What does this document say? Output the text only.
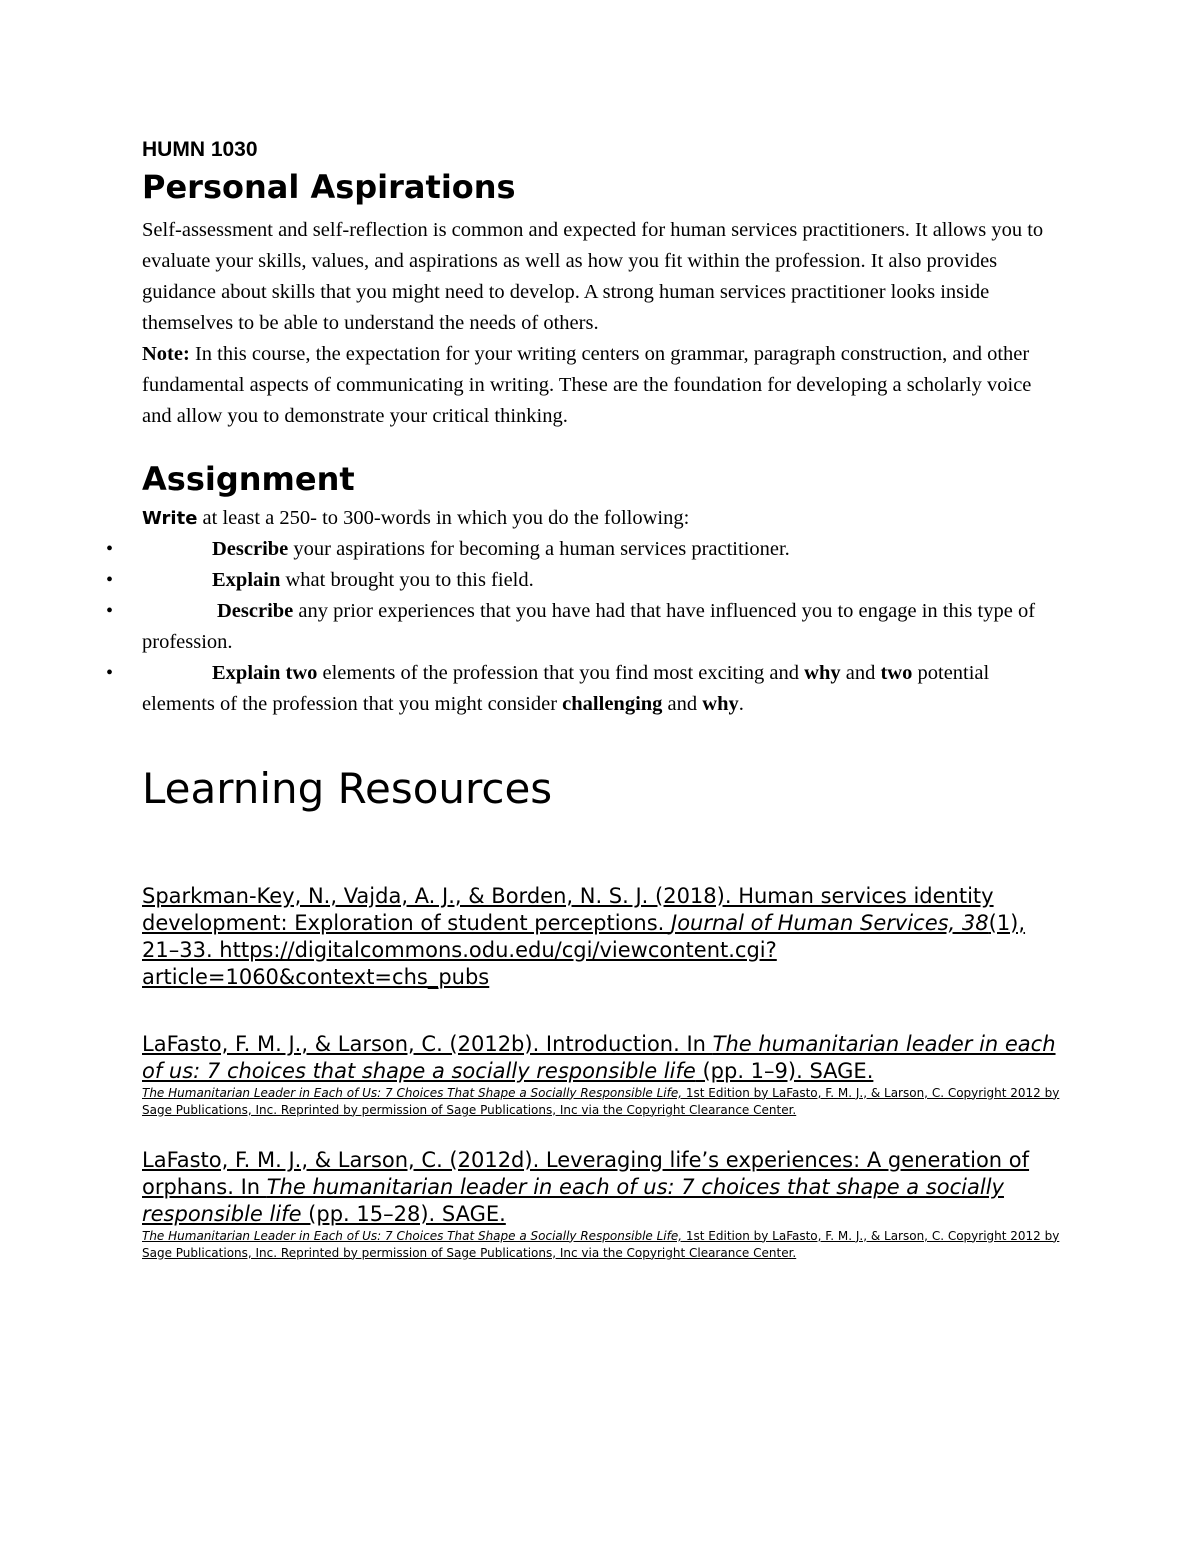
HUMN 1030
Personal Aspirations

Self-assessment and self-reflection is common and expected for human services practitioners. It allows you to evaluate your skills, values, and aspirations as well as how you fit within the profession. It also provides guidance about skills that you might need to develop. A strong human services practitioner looks inside themselves to be able to understand the needs of others.
Note: In this course, the expectation for your writing centers on grammar, paragraph construction, and other fundamental aspects of communicating in writing. These are the foundation for developing a scholarly voice and allow you to demonstrate your critical thinking.

Assignment

Write at least a 250- to 300-words in which you do the following:

•	Describe your aspirations for becoming a human services practitioner.
•	Explain what brought you to this field.
•	Describe any prior experiences that you have had that have influenced you to engage in this type of profession.
•	Explain two elements of the profession that you find most exciting and why and two potential elements of the profession that you might consider challenging and why.
Learning Resources

Sparkman-Key, N., Vajda, A. J., & Borden, N. S. J. (2018). Human services identity development: Exploration of student perceptions. Journal of Human Services, 38(1), 21–33. https://digitalcommons.odu.edu/cgi/viewcontent.cgi?article=1060&context=chs_pubs

LaFasto, F. M. J., & Larson, C. (2012b). Introduction. In The humanitarian leader in each of us: 7 choices that shape a socially responsible life (pp. 1–9). SAGE.

The Humanitarian Leader in Each of Us: 7 Choices That Shape a Socially Responsible Life, 1st Edition by LaFasto, F. M. J., & Larson, C. Copyright 2012 by Sage Publications, Inc. Reprinted by permission of Sage Publications, Inc via the Copyright Clearance Center.

LaFasto, F. M. J., & Larson, C. (2012d). Leveraging life’s experiences: A generation of orphans. In The humanitarian leader in each of us: 7 choices that shape a socially responsible life (pp. 15–28). SAGE.

The Humanitarian Leader in Each of Us: 7 Choices That Shape a Socially Responsible Life, 1st Edition by LaFasto, F. M. J., & Larson, C. Copyright 2012 by Sage Publications, Inc. Reprinted by permission of Sage Publications, Inc via the Copyright Clearance Center.
